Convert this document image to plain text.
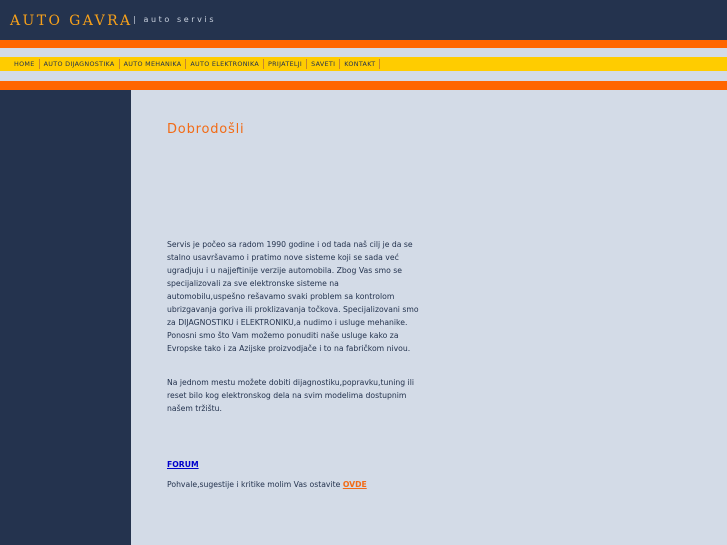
AUTO GAVRA | auto servis
HOME	AUTO DIJAGNOSTIKA	AUTO MEHANIKA	AUTO ELEKTRONIKA	PRIJATELJI	SAVETI	KONTAKT
Dobrodošli

Servis je počeo sa radom 1990 godine i od tada naš cilj je da se stalno usavršavamo i pratimo nove sisteme koji se sada već ugradjuju i u najjeftinije verzije automobila. Zbog Vas smo se specijalizovali za sve elektronske sisteme na automobilu,uspešno rešavamo svaki problem sa kontrolom ubrizgavanja goriva ili proklizavanja točkova. Specijalizovani smo za DIJAGNOSTIKU i ELEKTRONIKU,a nudimo i usluge mehanike. Ponosni smo što Vam možemo ponuditi naše usluge kako za Evropske tako i za Azijske proizvodjače i to na fabričkom nivou.

Na jednom mestu možete dobiti dijagnostiku,popravku,tuning ili reset bilo kog elektronskog dela na svim modelima dostupnim našem tržištu.

FORUM
Pohvale,sugestije i kritike molim Vas ostavite OVDE
